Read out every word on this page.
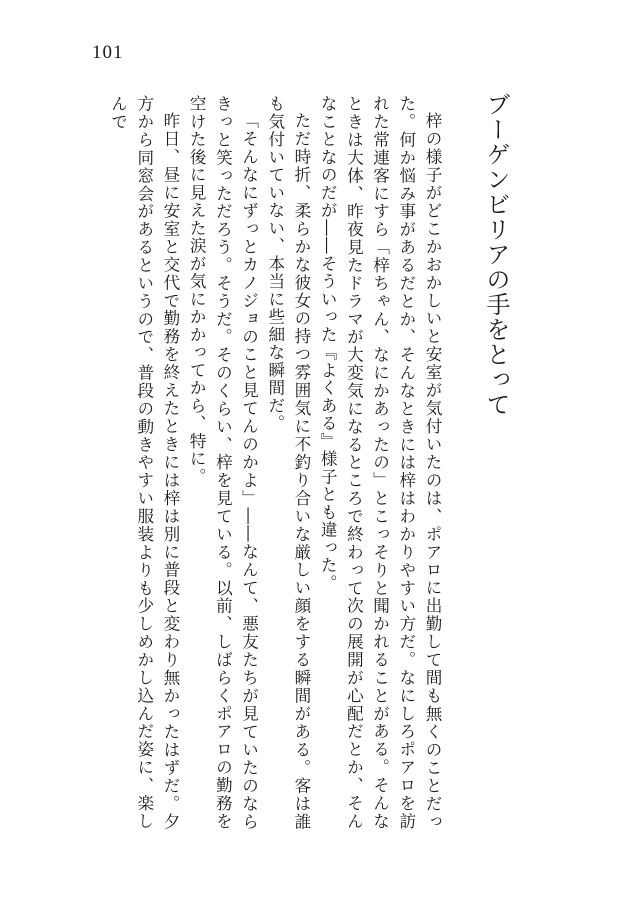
101
ブーゲンビリアの手をとって

梓の様子がどこかおかしいと安室が気付いたのは、ポアロに出勤して間も無くのことだった。何か悩み事があるだとか、そんなときには梓はわかりやすい方だ。なにしろポアロを訪れた常連客にすら「梓ちゃん、なにかあったの」とこっそりと聞かれることがある。そんなときは大体、昨夜見たドラマが大変気になるところで終わって次の展開が心配だとか、そんなことなのだが――そういった『よくある』様子とも違った。

ただ時折、柔らかな彼女の持つ雰囲気に不釣り合いな厳しい顔をする瞬間がある。客は誰も気付いていない、本当に些細な瞬間だ。

「そんなにずっとカノジョのこと見てんのかよ」――なんて、悪友たちが見ていたのならきっと笑っただろう。そうだ。そのくらい、梓を見ている。以前、しばらくポアロの勤務を空けた後に見えた涙が気にかかってから、特に。

昨日、昼に安室と交代で勤務を終えたときには梓は別に普段と変わり無かったはずだ。夕方から同窓会があるというので、普段の動きやすい服装よりも少しめかし込んだ姿に、楽しんで
